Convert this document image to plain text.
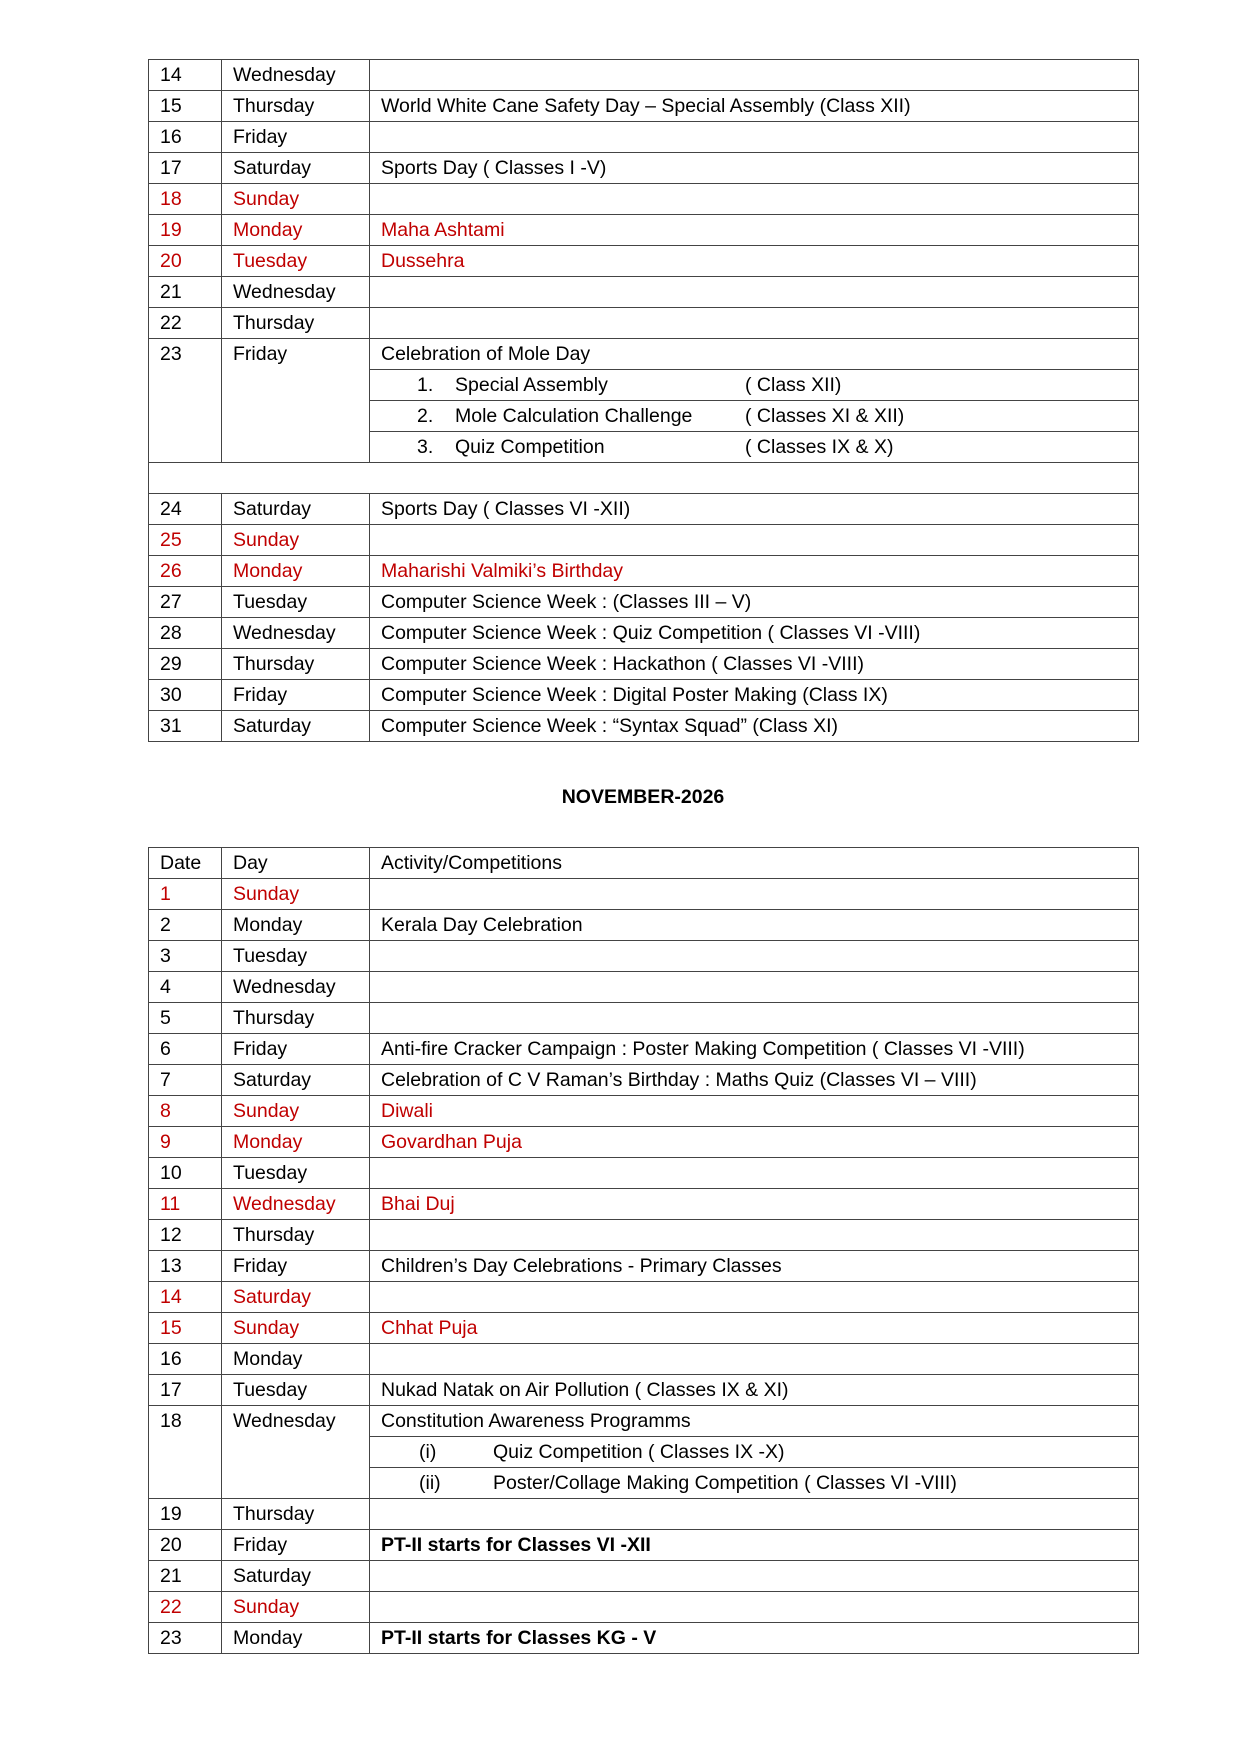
14	Wednesday	
15	Thursday	World White Cane Safety Day – Special Assembly (Class XII)
16	Friday	
17	Saturday	Sports Day ( Classes I -V)
18	Sunday	
19	Monday	Maha Ashtami
20	Tuesday	Dussehra
21	Wednesday	
22	Thursday	
23	Friday	Celebration of Mole Day
		1. Special Assembly ( Class XII)
		2. Mole Calculation Challenge ( Classes XI & XII)
		3. Quiz Competition ( Classes IX & X)

24	Saturday	Sports Day ( Classes VI -XII)
25	Sunday	
26	Monday	Maharishi Valmiki’s Birthday
27	Tuesday	Computer Science Week : (Classes III – V)
28	Wednesday	Computer Science Week : Quiz Competition ( Classes VI -VIII)
29	Thursday	Computer Science Week : Hackathon ( Classes VI -VIII)
30	Friday	Computer Science Week : Digital Poster Making (Class IX)
31	Saturday	Computer Science Week : “Syntax Squad” (Class XI)
NOVEMBER-2026
Date	Day	Activity/Competitions
1	Sunday	
2	Monday	Kerala Day Celebration
3	Tuesday	
4	Wednesday	
5	Thursday	
6	Friday	Anti-fire Cracker Campaign : Poster Making Competition ( Classes VI -VIII)
7	Saturday	Celebration of C V Raman’s Birthday : Maths Quiz (Classes VI – VIII)
8	Sunday	Diwali
9	Monday	Govardhan Puja
10	Tuesday	
11	Wednesday	Bhai Duj
12	Thursday	
13	Friday	Children’s Day Celebrations - Primary Classes
14	Saturday	
15	Sunday	Chhat Puja
16	Monday	
17	Tuesday	Nukad Natak on Air Pollution ( Classes IX & XI)
18	Wednesday	Constitution Awareness Programms
		(i) Quiz Competition ( Classes IX -X)
		(ii) Poster/Collage Making Competition ( Classes VI -VIII)
19	Thursday	
20	Friday	PT-II starts for Classes VI -XII
21	Saturday	
22	Sunday	
23	Monday	PT-II starts for Classes KG - V
